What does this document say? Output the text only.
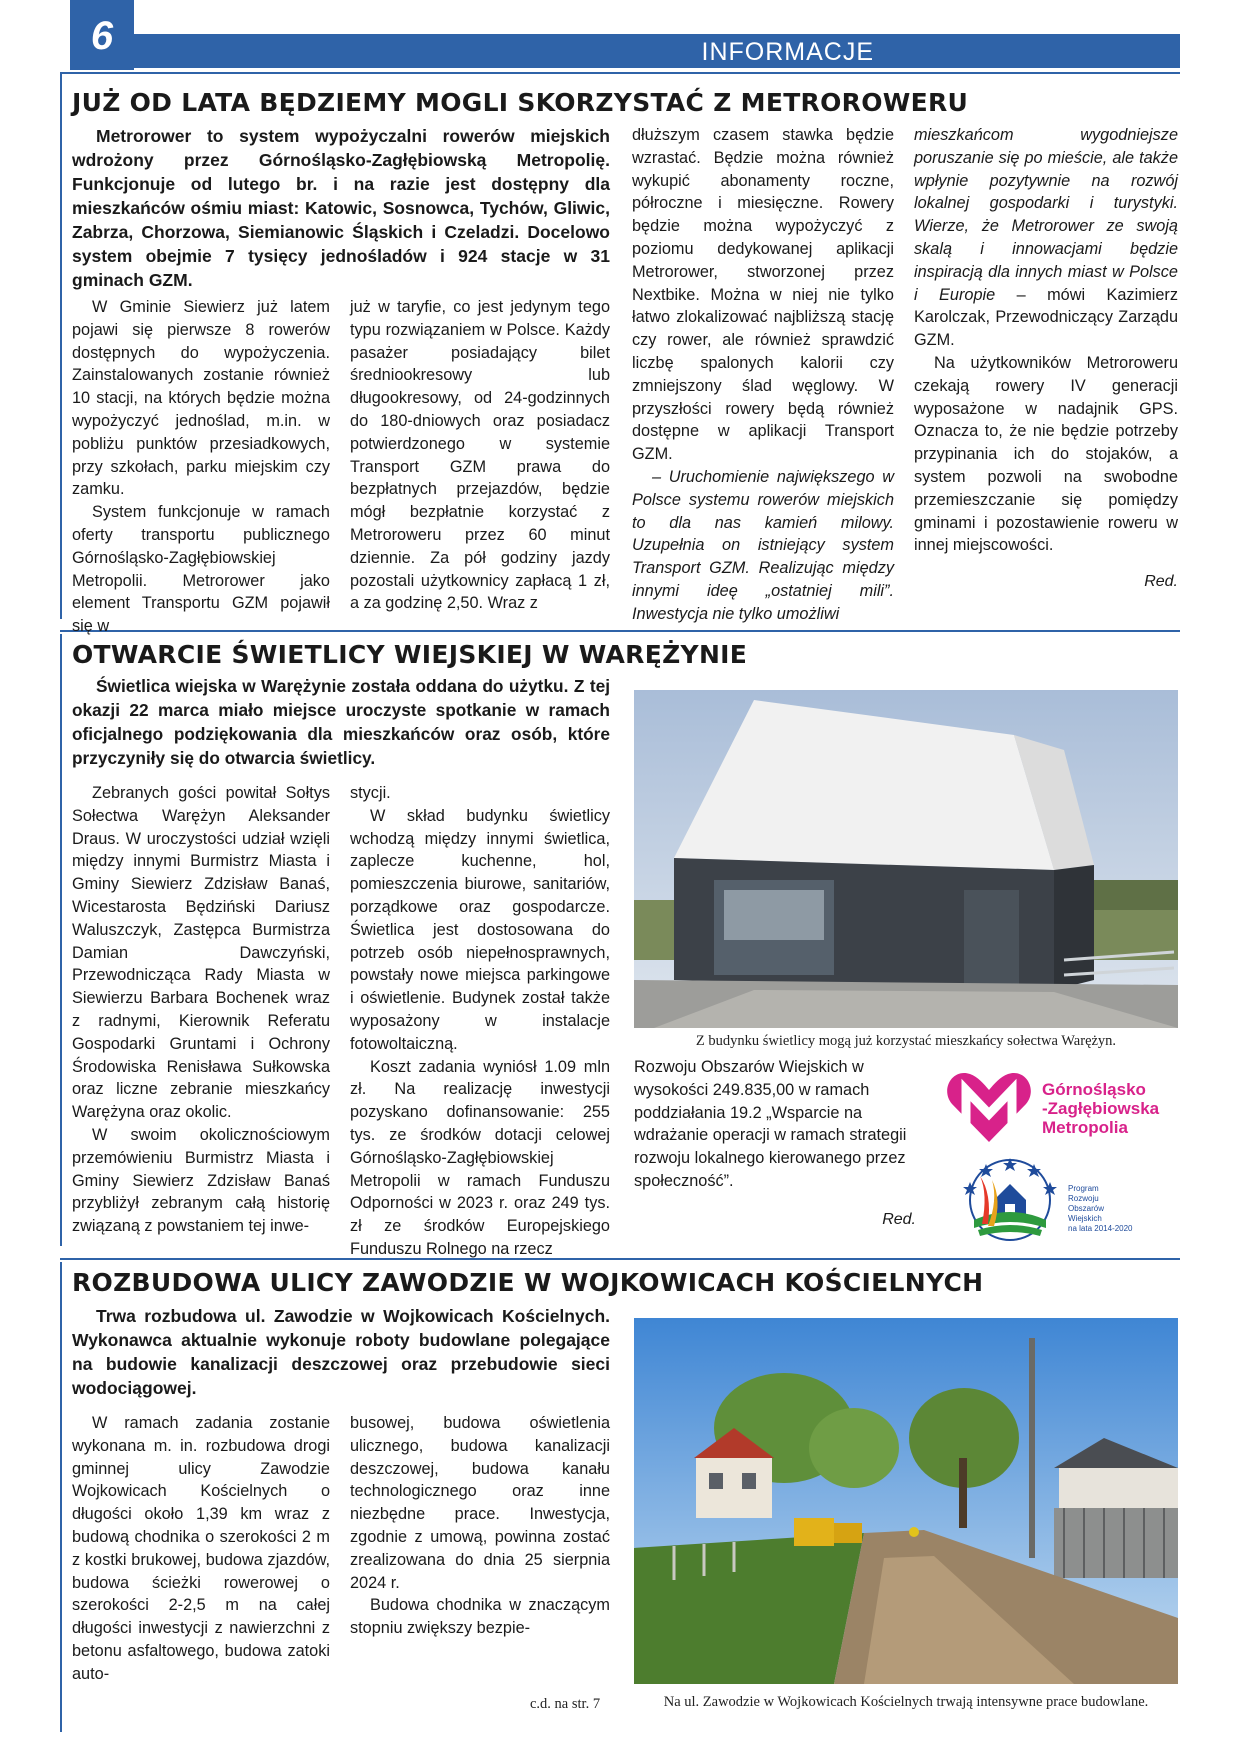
6	INFORMACJE
JUŻ OD LATA BĘDZIEMY MOGLI SKORZYSTAĆ Z METROROWERU
Metrorower to system wypożyczalni rowerów miejskich wdrożony przez Górnośląsko-Zagłębiowską Metropolię. Funkcjonuje od lutego br. i na razie jest dostępny dla mieszkańców ośmiu miast: Katowic, Sosnowca, Tychów, Gliwic, Zabrza, Chorzowa, Siemianowic Śląskich i Czeladzi. Docelowo system obejmie 7 tysięcy jednośladów i 924 stacje w 31 gminach GZM.

W Gminie Siewierz już latem pojawi się pierwsze 8 rowerów dostępnych do wypożyczenia. Zainstalowanych zostanie również 10 stacji, na których będzie można wypożyczyć jednoślad, m.in. w pobliżu punktów przesiadkowych, przy szkołach, parku miejskim czy zamku.

System funkcjonuje w ramach oferty transportu publicznego Górnośląsko-Zagłębiowskiej Metropolii. Metrorower jako element Transportu GZM pojawił się w

już w taryfie, co jest jedynym tego typu rozwiązaniem w Polsce. Każdy pasażer posiadający bilet średniookresowy lub długookresowy, od 24-godzinnych do 180-dniowych oraz posiadacz potwierdzonego w systemie Transport GZM prawa do bezpłatnych przejazdów, będzie mógł bezpłatnie korzystać z Metroroweru przez 60 minut dziennie. Za pół godziny jazdy pozostali użytkownicy zapłacą 1 zł, a za godzinę 2,50. Wraz z

dłuższym czasem stawka będzie wzrastać. Będzie można również wykupić abonamenty roczne, półroczne i miesięczne. Rowery będzie można wypożyczyć z poziomu dedykowanej aplikacji Metrorower, stworzonej przez Nextbike. Można w niej nie tylko łatwo zlokalizować najbliższą stację czy rower, ale również sprawdzić liczbę spalonych kalorii czy zmniejszony ślad węglowy. W przyszłości rowery będą również dostępne w aplikacji Transport GZM.

– Uruchomienie największego w Polsce systemu rowerów miejskich to dla nas kamień milowy. Uzupełnia on istniejący system Transport GZM. Realizując między innymi ideę „ostatniej mili”. Inwestycja nie tylko umożliwi

mieszkańcom wygodniejsze poruszanie się po mieście, ale także wpłynie pozytywnie na rozwój lokalnej gospodarki i turystyki. Wierze, że Metrorower ze swoją skalą i innowacjami będzie inspiracją dla innych miast w Polsce i Europie – mówi Kazimierz Karolczak, Przewodniczący Zarządu GZM.

Na użytkowników Metroroweru czekają rowery IV generacji wyposażone w nadajnik GPS. Oznacza to, że nie będzie potrzeby przypinania ich do stojaków, a system pozwoli na swobodne przemieszczanie się pomiędzy gminami i pozostawienie roweru w innej miejscowości.

Red.
OTWARCIE ŚWIETLICY WIEJSKIEJ W WARĘŻYNIE
Świetlica wiejska w Warężynie została oddana do użytku. Z tej okazji 22 marca miało miejsce uroczyste spotkanie w ramach oficjalnego podziękowania dla mieszkańców oraz osób, które przyczyniły się do otwarcia świetlicy.

Zebranych gości powitał Sołtys Sołectwa Warężyn Aleksander Draus. W uroczystości udział wzięli między innymi Burmistrz Miasta i Gminy Siewierz Zdzisław Banaś, Wicestarosta Będziński Dariusz Waluszczyk, Zastępca Burmistrza Damian Dawczyński, Przewodnicząca Rady Miasta w Siewierzu Barbara Bochenek wraz z radnymi, Kierownik Referatu Gospodarki Gruntami i Ochrony Środowiska Renisława Sułkowska oraz liczne zebranie mieszkańcy Warężyna oraz okolic.

W swoim okolicznościowym przemówieniu Burmistrz Miasta i Gminy Siewierz Zdzisław Banaś przybliżył zebranym całą historię związaną z powstaniem tej inwe-

stycji.

W skład budynku świetlicy wchodzą między innymi świetlica, zaplecze kuchenne, hol, pomieszczenia biurowe, sanitariów, porządkowe oraz gospodarcze. Świetlica jest dostosowana do potrzeb osób niepełnosprawnych, powstały nowe miejsca parkingowe i oświetlenie. Budynek został także wyposażony w instalacje fotowoltaiczną.

Koszt zadania wyniósł 1.09 mln zł. Na realizację inwestycji pozyskano dofinansowanie: 255 tys. ze środków dotacji celowej Górnośląsko-Zagłębiowskiej Metropolii w ramach Funduszu Odporności w 2023 r. oraz 249 tys. zł ze środków Europejskiego Funduszu Rolnego na rzecz

Z budynku świetlicy mogą już korzystać mieszkańcy sołectwa Warężyn.

Rozwoju Obszarów Wiejskich w wysokości 249.835,00 w ramach poddziałania 19.2 „Wsparcie na wdrażanie operacji w ramach strategii rozwoju lokalnego kierowanego przez społeczność”.

Red.
Górnośląsko
-Zagłębiowska
Metropolia
Program
Rozwoju
Obszarów
Wiejskich
na lata 2014-2020
ROZBUDOWA ULICY ZAWODZIE W WOJKOWICACH KOŚCIELNYCH
Trwa rozbudowa ul. Zawodzie w Wojkowicach Kościelnych. Wykonawca aktualnie wykonuje roboty budowlane polegające na budowie kanalizacji deszczowej oraz przebudowie sieci wodociągowej.

W ramach zadania zostanie wykonana m. in. rozbudowa drogi gminnej ulicy Zawodzie Wojkowicach Kościelnych o długości około 1,39 km wraz z budową chodnika o szerokości 2 m z kostki brukowej, budowa zjazdów, budowa ścieżki rowerowej o szerokości 2-2,5 m na całej długości inwestycji z nawierzchni z betonu asfaltowego, budowa zatoki auto-

busowej, budowa oświetlenia ulicznego, budowa kanalizacji deszczowej, budowa kanału technologicznego oraz inne niezbędne prace. Inwestycja, zgodnie z umową, powinna zostać zrealizowana do dnia 25 sierpnia 2024 r.

Budowa chodnika w znaczącym stopniu zwiększy bezpie-

c.d. na str. 7	Na ul. Zawodzie w Wojkowicach Kościelnych trwają intensywne prace budowlane.
